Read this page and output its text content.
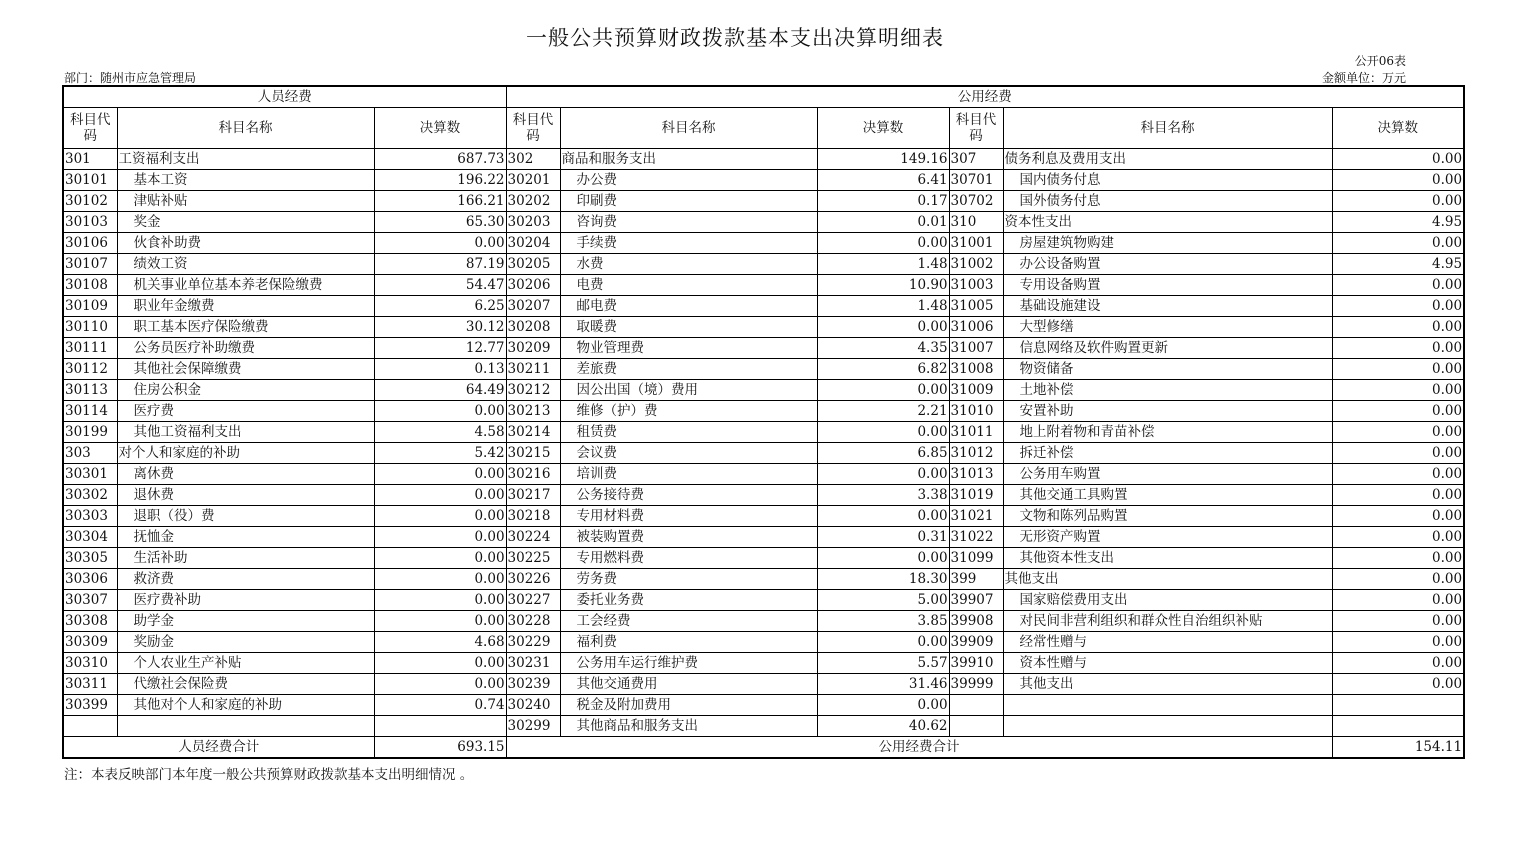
一般公共预算财政拨款基本支出决算明细表
公开06表
部门：随州市应急管理局	金额单位：万元
人员经费			公用经费					
科目代码	科目名称	决算数	科目代码	科目名称	决算数	科目代码	科目名称	决算数
301	工资福利支出	687.73	302	商品和服务支出	149.16	307	债务利息及费用支出	0.00
30101	基本工资	196.22	30201	办公费	6.41	30701	国内债务付息	0.00
30102	津贴补贴	166.21	30202	印刷费	0.17	30702	国外债务付息	0.00
30103	奖金	65.30	30203	咨询费	0.01	310	资本性支出	4.95
30106	伙食补助费	0.00	30204	手续费	0.00	31001	房屋建筑物购建	0.00
30107	绩效工资	87.19	30205	水费	1.48	31002	办公设备购置	4.95
30108	机关事业单位基本养老保险缴费	54.47	30206	电费	10.90	31003	专用设备购置	0.00
30109	职业年金缴费	6.25	30207	邮电费	1.48	31005	基础设施建设	0.00
30110	职工基本医疗保险缴费	30.12	30208	取暖费	0.00	31006	大型修缮	0.00
30111	公务员医疗补助缴费	12.77	30209	物业管理费	4.35	31007	信息网络及软件购置更新	0.00
30112	其他社会保障缴费	0.13	30211	差旅费	6.82	31008	物资储备	0.00
30113	住房公积金	64.49	30212	因公出国（境）费用	0.00	31009	土地补偿	0.00
30114	医疗费	0.00	30213	维修（护）费	2.21	31010	安置补助	0.00
30199	其他工资福利支出	4.58	30214	租赁费	0.00	31011	地上附着物和青苗补偿	0.00
303	对个人和家庭的补助	5.42	30215	会议费	6.85	31012	拆迁补偿	0.00
30301	离休费	0.00	30216	培训费	0.00	31013	公务用车购置	0.00
30302	退休费	0.00	30217	公务接待费	3.38	31019	其他交通工具购置	0.00
30303	退职（役）费	0.00	30218	专用材料费	0.00	31021	文物和陈列品购置	0.00
30304	抚恤金	0.00	30224	被装购置费	0.31	31022	无形资产购置	0.00
30305	生活补助	0.00	30225	专用燃料费	0.00	31099	其他资本性支出	0.00
30306	救济费	0.00	30226	劳务费	18.30	399	其他支出	0.00
30307	医疗费补助	0.00	30227	委托业务费	5.00	39907	国家赔偿费用支出	0.00
30308	助学金	0.00	30228	工会经费	3.85	39908	对民间非营利组织和群众性自治组织补贴	0.00
30309	奖励金	4.68	30229	福利费	0.00	39909	经常性赠与	0.00
30310	个人农业生产补贴	0.00	30231	公务用车运行维护费	5.57	39910	资本性赠与	0.00
30311	代缴社会保险费	0.00	30239	其他交通费用	31.46	39999	其他支出	0.00
30399	其他对个人和家庭的补助	0.74	30240	税金及附加费用	0.00			
			30299	其他商品和服务支出	40.62			
人员经费合计		693.15	公用经费合计					154.11
注：本表反映部门本年度一般公共预算财政拨款基本支出明细情况 。
